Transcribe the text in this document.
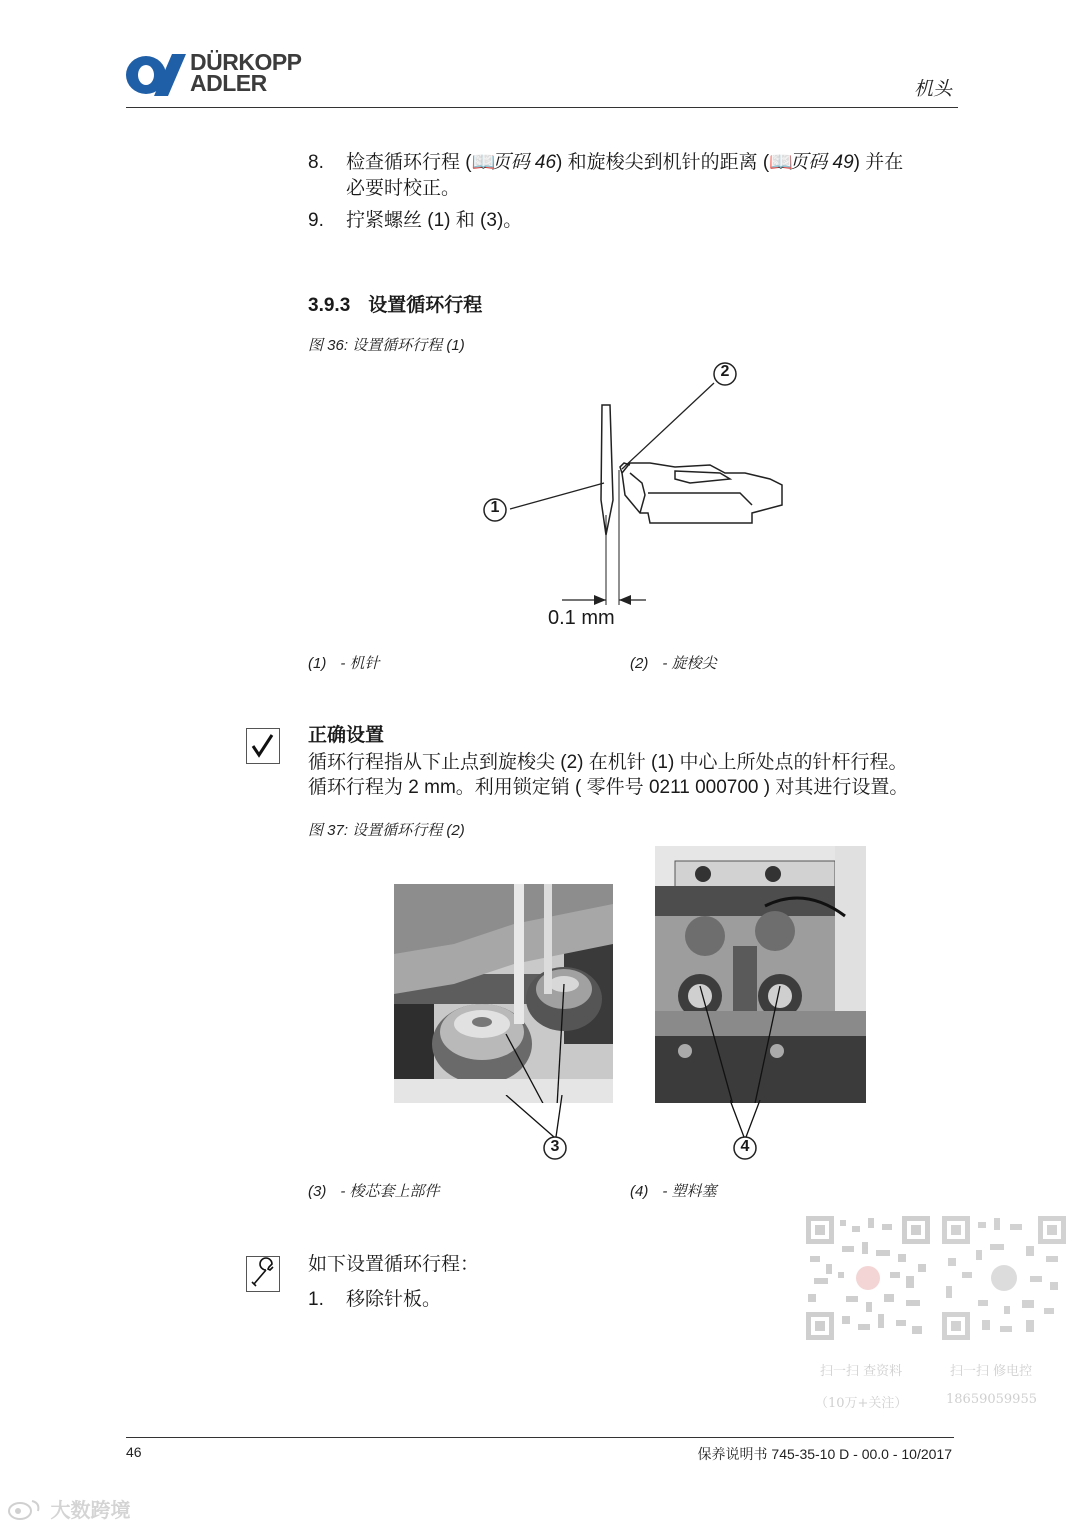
DÜRKOPP
ADLER	机头
8. 检查循环行程 (📖页码 46) 和旋梭尖到机针的距离 (📖页码 49) 并在
必要时校正。
9. 拧紧螺丝 (1) 和 (3)。
3.9.3 设置循环行程
图 36: 设置循环行程 (1)
1
2
0.1 mm
(1) - 机针	(2) - 旋梭尖
正确设置
循环行程指从下止点到旋梭尖 (2) 在机针 (1) 中心上所处点的针杆行程。
循环行程为 2 mm。利用锁定销 ( 零件号 0211 000700 ) 对其进行设置。
图 37: 设置循环行程 (2)
3	4
(3) - 梭芯套上部件	(4) - 塑料塞
如下设置循环行程：
1. 移除针板。
扫一扫 查资料
（10万+关注）
扫一扫 修电控
18659059955
46	保养说明书 745-35-10 D - 00.0 - 10/2017
大数跨境
